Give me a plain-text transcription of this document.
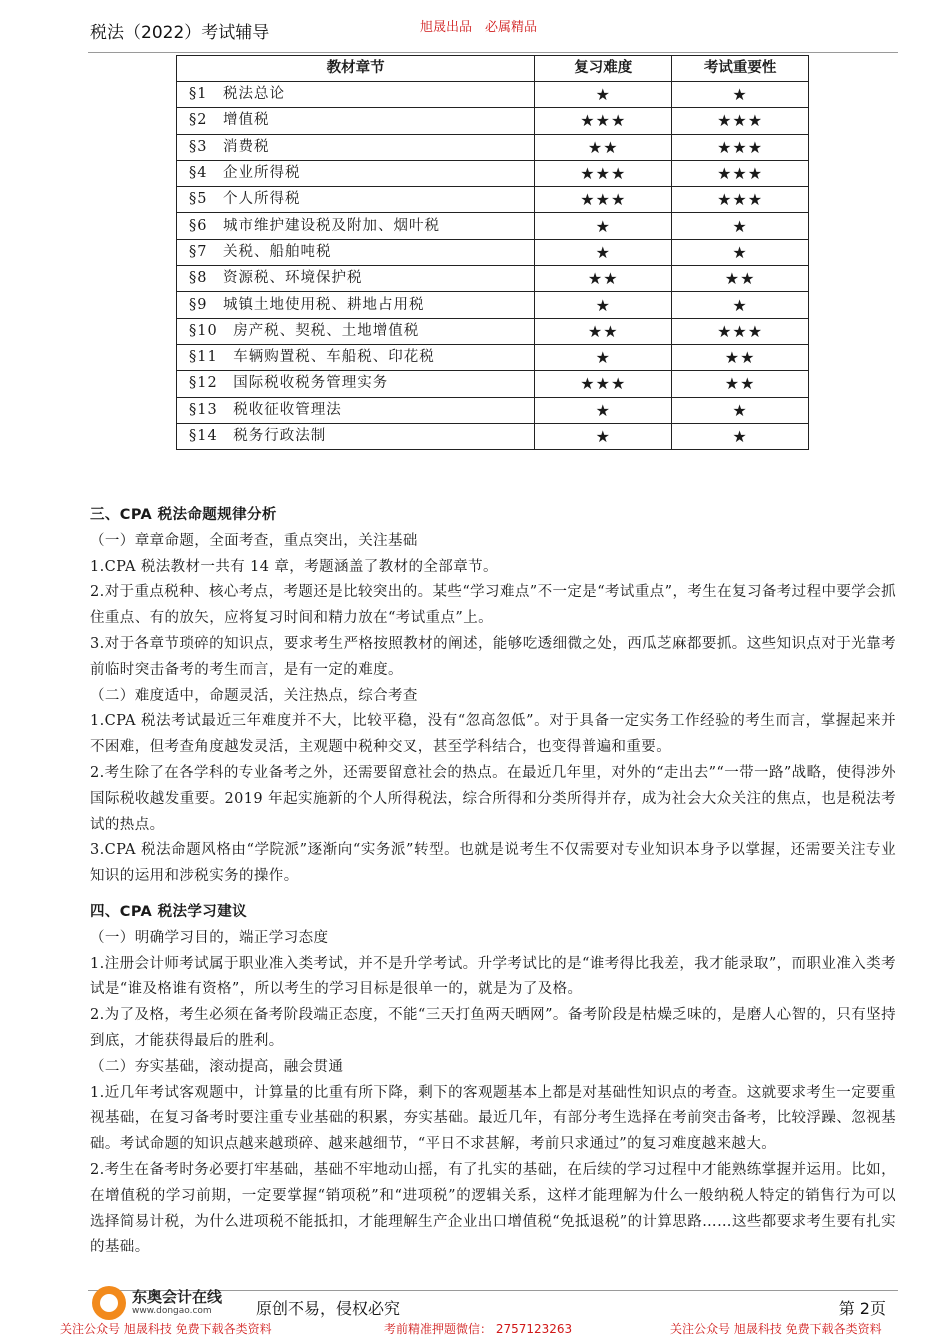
税法（2022）考试辅导	旭晟出品　必属精品
教材章节	复习难度	考试重要性
§1　税法总论	★	★
§2　增值税	★★★	★★★
§3　消费税	★★	★★★
§4　企业所得税	★★★	★★★
§5　个人所得税	★★★	★★★
§6　城市维护建设税及附加、烟叶税	★	★
§7　关税、船舶吨税	★	★
§8　资源税、环境保护税	★★	★★
§9　城镇土地使用税、耕地占用税	★	★
§10　房产税、契税、土地增值税	★★	★★★
§11　车辆购置税、车船税、印花税	★	★★
§12　国际税收税务管理实务	★★★	★★
§13　税收征收管理法	★	★
§14　税务行政法制	★	★
三、CPA 税法命题规律分析

（一）章章命题，全面考查，重点突出，关注基础

1.CPA 税法教材一共有 14 章，考题涵盖了教材的全部章节。

2.对于重点税种、核心考点，考题还是比较突出的。某些“学习难点”不一定是“考试重点”，考生在复习备考过程中要学会抓住重点、有的放矢，应将复习时间和精力放在“考试重点”上。

3.对于各章节琐碎的知识点，要求考生严格按照教材的阐述，能够吃透细微之处，西瓜芝麻都要抓。这些知识点对于光靠考前临时突击备考的考生而言，是有一定的难度。

（二）难度适中，命题灵活，关注热点，综合考查

1.CPA 税法考试最近三年难度并不大，比较平稳，没有“忽高忽低”。对于具备一定实务工作经验的考生而言，掌握起来并不困难，但考查角度越发灵活，主观题中税种交叉，甚至学科结合，也变得普遍和重要。

2.考生除了在各学科的专业备考之外，还需要留意社会的热点。在最近几年里，对外的“走出去”“一带一路”战略，使得涉外国际税收越发重要。2019 年起实施新的个人所得税法，综合所得和分类所得并存，成为社会大众关注的焦点，也是税法考试的热点。

3.CPA 税法命题风格由“学院派”逐渐向“实务派”转型。也就是说考生不仅需要对专业知识本身予以掌握，还需要关注专业知识的运用和涉税实务的操作。

四、CPA 税法学习建议

（一）明确学习目的，端正学习态度

1.注册会计师考试属于职业准入类考试，并不是升学考试。升学考试比的是“谁考得比我差，我才能录取”，而职业准入类考试是“谁及格谁有资格”，所以考生的学习目标是很单一的，就是为了及格。

2.为了及格，考生必须在备考阶段端正态度，不能“三天打鱼两天晒网”。备考阶段是枯燥乏味的，是磨人心智的，只有坚持到底，才能获得最后的胜利。

（二）夯实基础，滚动提高，融会贯通

1.近几年考试客观题中，计算量的比重有所下降，剩下的客观题基本上都是对基础性知识点的考查。这就要求考生一定要重视基础，在复习备考时要注重专业基础的积累，夯实基础。最近几年，有部分考生选择在考前突击备考，比较浮躁、忽视基础。考试命题的知识点越来越琐碎、越来越细节，“平日不求甚解，考前只求通过”的复习难度越来越大。

2.考生在备考时务必要打牢基础，基础不牢地动山摇，有了扎实的基础，在后续的学习过程中才能熟练掌握并运用。比如，在增值税的学习前期，一定要掌握“销项税”和“进项税”的逻辑关系，这样才能理解为什么一般纳税人特定的销售行为可以选择简易计税，为什么进项税不能抵扣，才能理解生产企业出口增值税“免抵退税”的计算思路……这些都要求考生要有扎实的基础。

东奥会计在线
www.dongao.com	原创不易，侵权必究	第 2页
关注公众号 旭晟科技 免费下载各类资料	考前精准押题微信： 2757123263	关注公众号 旭晟科技 免费下载各类资料
